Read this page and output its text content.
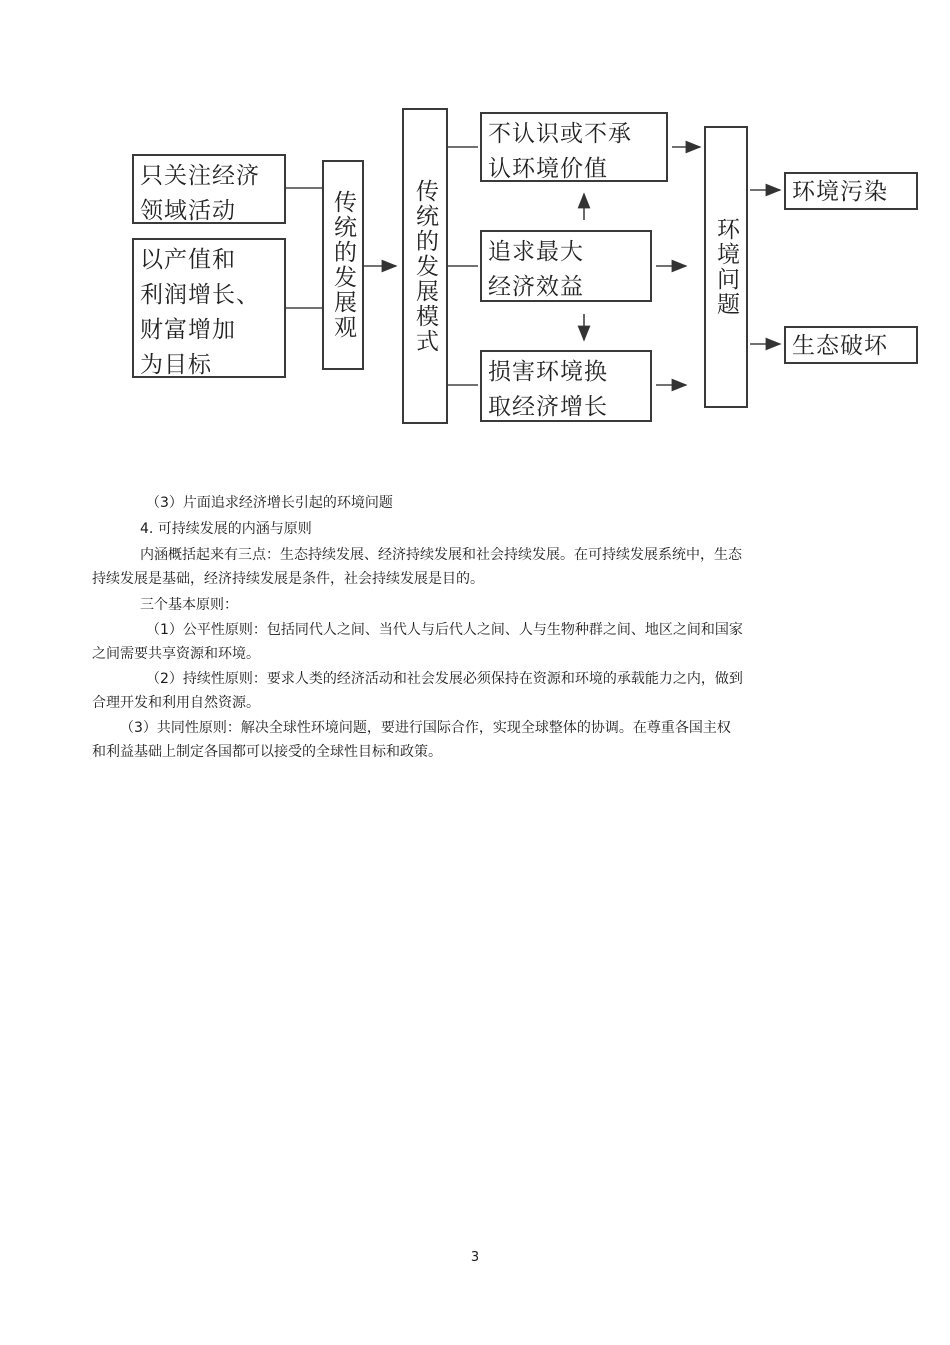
只关注经济
领域活动
以产值和
利润增长、
财富增加
为目标
传统的发展观	传统的发展模式
不认识或不承
认环境价值
追求最大
经济效益
损害环境换
取经济增长
环境问题
环境污染
生态破坏
（3）片面追求经济增长引起的环境问题
4. 可持续发展的内涵与原则
内涵概括起来有三点：生态持续发展、经济持续发展和社会持续发展。在可持续发展系统中，生态
持续发展是基础，经济持续发展是条件，社会持续发展是目的。
三个基本原则：
（1）公平性原则：包括同代人之间、当代人与后代人之间、人与生物种群之间、地区之间和国家
之间需要共享资源和环境。
（2）持续性原则：要求人类的经济活动和社会发展必须保持在资源和环境的承载能力之内，做到
合理开发和利用自然资源。
（3）共同性原则：解决全球性环境问题，要进行国际合作，实现全球整体的协调。在尊重各国主权
和利益基础上制定各国都可以接受的全球性目标和政策。
3
